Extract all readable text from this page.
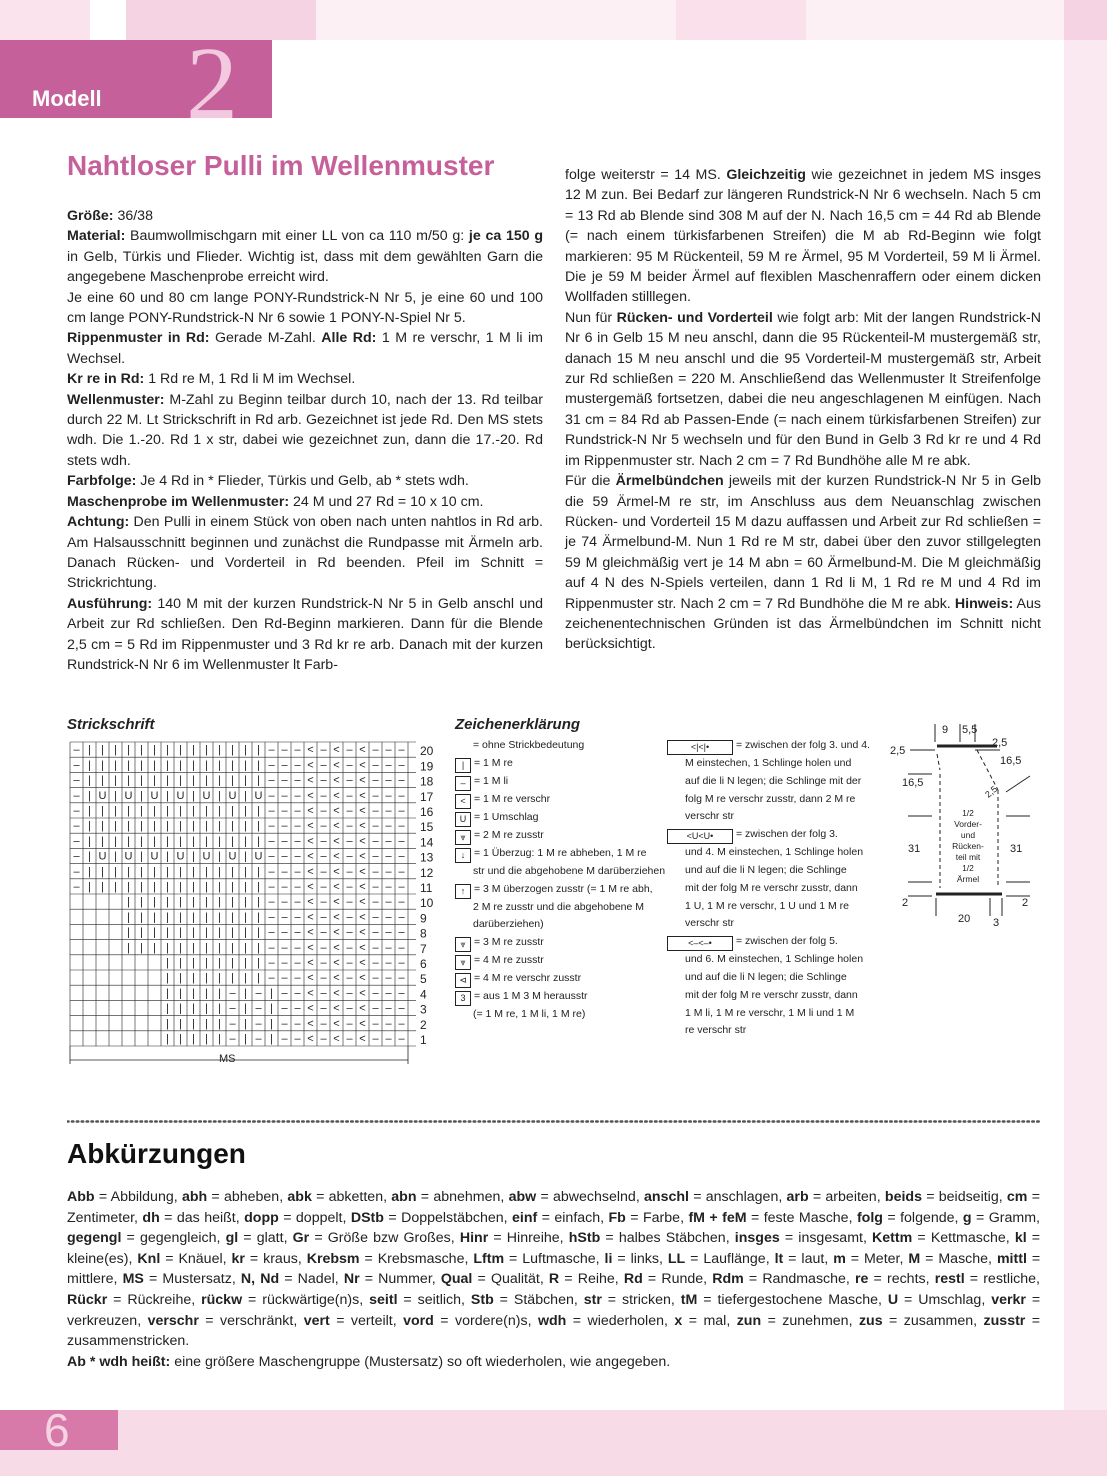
Modell 2
Nahtloser Pulli im Wellenmuster

Größe: 36/38

Material: Baumwollmischgarn mit einer LL von ca 110 m/50 g: je ca 150 g in Gelb, Türkis und Flieder. Wichtig ist, dass mit dem gewählten Garn die angegebene Maschenprobe erreicht wird.

Je eine 60 und 80 cm lange PONY-Rundstrick-N Nr 5, je eine 60 und 100 cm lange PONY-Rundstrick-N Nr 6 sowie 1 PONY-N-Spiel Nr 5.

Rippenmuster in Rd: Gerade M-Zahl. Alle Rd: 1 M re verschr, 1 M li im Wechsel.

Kr re in Rd: 1 Rd re M, 1 Rd li M im Wechsel.

Wellenmuster: M-Zahl zu Beginn teilbar durch 10, nach der 13. Rd teilbar durch 22 M. Lt Strickschrift in Rd arb. Gezeichnet ist jede Rd. Den MS stets wdh. Die 1.-20. Rd 1 x str, dabei wie gezeichnet zun, dann die 17.-20. Rd stets wdh.

Farbfolge: Je 4 Rd in * Flieder, Türkis und Gelb, ab * stets wdh.

Maschenprobe im Wellenmuster: 24 M und 27 Rd = 10 x 10 cm.

Achtung: Den Pulli in einem Stück von oben nach unten nahtlos in Rd arb. Am Halsausschnitt beginnen und zunächst die Rundpasse mit Ärmeln arb. Danach Rücken- und Vorderteil in Rd beenden. Pfeil im Schnitt = Strickrichtung.

Ausführung: 140 M mit der kurzen Rundstrick-N Nr 5 in Gelb anschl und Arbeit zur Rd schließen. Den Rd-Beginn markieren. Dann für die Blende 2,5 cm = 5 Rd im Rippenmuster und 3 Rd kr re arb. Danach mit der kurzen Rundstrick-N Nr 6 im Wellenmuster lt Farb-

folge weiterstr = 14 MS. Gleichzeitig wie gezeichnet in jedem MS insges 12 M zun. Bei Bedarf zur längeren Rundstrick-N Nr 6 wechseln. Nach 5 cm = 13 Rd ab Blende sind 308 M auf der N. Nach 16,5 cm = 44 Rd ab Blende (= nach einem türkisfarbenen Streifen) die M ab Rd-Beginn wie folgt markieren: 95 M Rückenteil, 59 M re Ärmel, 95 M Vorderteil, 59 M li Ärmel. Die je 59 M beider Ärmel auf flexiblen Maschenraffern oder einem dicken Wollfaden stilllegen.

Nun für Rücken- und Vorderteil wie folgt arb: Mit der langen Rundstrick-N Nr 6 in Gelb 15 M neu anschl, dann die 95 Rückenteil-M mustergemäß str, danach 15 M neu anschl und die 95 Vorderteil-M mustergemäß str, Arbeit zur Rd schließen = 220 M. Anschließend das Wellenmuster lt Streifenfolge mustergemäß fortsetzen, dabei die neu angeschlagenen M einfügen. Nach 31 cm = 84 Rd ab Passen-Ende (= nach einem türkisfarbenen Streifen) zur Rundstrick-N Nr 5 wechseln und für den Bund in Gelb 3 Rd kr re und 4 Rd im Rippenmuster str. Nach 2 cm = 7 Rd Bundhöhe alle M re abk.

Für die Ärmelbündchen jeweils mit der kurzen Rundstrick-N Nr 5 in Gelb die 59 Ärmel-M re str, im Anschluss aus dem Neuanschlag zwischen Rücken- und Vorderteil 15 M dazu auffassen und Arbeit zur Rd schließen = je 74 Ärmelbund-M. Nun 1 Rd re M str, dabei über den zuvor stillgelegten 59 M gleichmäßig vert je 14 M abn = 60 Ärmelbund-M. Die M gleichmäßig auf 4 N des N-Spiels verteilen, dann 1 Rd li M, 1 Rd re M und 4 Rd im Rippenmuster str. Nach 2 cm = 7 Rd Bundhöhe die M re abk. Hinweis: Aus zeichenentechnischen Gründen ist das Ärmelbündchen im Schnitt nicht berücksichtigt.

Strickschrift
– | | | | | | | | | | | | | | – – – < – < – < – – –
– | | | | | | | | | | | | | | – – – < – < – < – – –
– | | | | | | | | | | | | | | – – – < – < – < – – –
– | U | U | U | U | U | U | U – – – < – < – < – – –
– | | | | | | | | | | | | | | – – – < – < – < – – –
– | | | | | | | | | | | | | | – – – < – < – < – – –
– | | | | | | | | | | | | | | – – – < – < – < – – –
– | U | U | U | U | U | U | U – – – < – < – < – – –
– | | | | | | | | | | | | | | – – – < – < – < – – –
– | | | | | | | | | | | | | | – – – < – < – < – – –
| | | | | | | | | | | – – – < – < – < – – –
| | | | | | | | | | | – – – < – < – < – – –
| | | | | | | | | | | – – – < – < – < – – –
| | | | | | | | | | | – – – < – < – < – – –
| | | | | | | | – – – < – < – < – – –
| | | | | | | | – – – < – < – < – – –
| | | | | – | – | – – < – < – < – – –
| | | | | – | – | – – < – < – < – – –
| | | | | – | – | – – < – < – < – – –
| | | | | – | – | – – < – < – < – – –
20
19
18
17
16
15
14
13
12
11
10
9
8
7
6
5
4
3
2
1
MS
Zeichenerklärung
= ohne Strickbedeutung
| = 1 M re
– = 1 M li
< = 1 M re verschr
U = 1 Umschlag
⩔ = 2 M re zusstr
↓ = 1 Überzug: 1 M re abheben, 1 M re
str und die abgehobene M darüberziehen
↑ = 3 M überzogen zusstr (= 1 M re abh,
2 M re zusstr und die abgehobene M
darüberziehen)
⩔ = 3 M re zusstr
⩔ = 4 M re zusstr
⊲ = 4 M re verschr zusstr
3 = aus 1 M 3 M herausstr
(= 1 M re, 1 M li, 1 M re)
<|<|•	= zwischen der folg 3. und 4.
M einstechen, 1 Schlinge holen und
auf die li N legen; die Schlinge mit der
folg M re verschr zusstr, dann 2 M re
verschr str
<U<U• = zwischen der folg 3.
und 4. M einstechen, 1 Schlinge holen
und auf die li N legen; die Schlinge
mit der folg M re verschr zusstr, dann
1 U, 1 M re verschr, 1 U und 1 M re
verschr str
<–<–• = zwischen der folg 5.
und 6. M einstechen, 1 Schlinge holen
und auf die li N legen; die Schlinge
mit der folg M re verschr zusstr, dann
1 M li, 1 M re verschr, 1 M li und 1 M
re verschr str
9 5,5
2,5
2,5
16,5
16,5
2,5
31	31
2	2
20 3
1/2
Vorder-
und
Rücken-
teil mit
1/2
Ärmel
Abkürzungen
Abb = Abbildung, abh = abheben, abk = abketten, abn = abnehmen, abw = abwechselnd, anschl = anschlagen, arb = arbeiten, beids = beidseitig, cm = Zentimeter, dh = das heißt, dopp = doppelt, DStb = Doppelstäbchen, einf = einfach, Fb = Farbe, fM + feM = feste Masche, folg = folgende, g = Gramm, gegengl = gegengleich, gl = glatt, Gr = Größe bzw Großes, Hinr = Hinreihe, hStb = halbes Stäbchen, insges = insgesamt, Kettm = Kettmasche, kl = kleine(es), Knl = Knäuel, kr = kraus, Krebsm = Krebsmasche, Lftm = Luftmasche, li = links, LL = Lauflänge, lt = laut, m = Meter, M = Masche, mittl = mittlere, MS = Mustersatz, N, Nd = Nadel, Nr = Nummer, Qual = Qualität, R = Reihe, Rd = Runde, Rdm = Randmasche, re = rechts, restl = restliche, Rückr = Rückreihe, rückw = rückwärtige(n)s, seitl = seitlich, Stb = Stäbchen, str = stricken, tM = tiefergestochene Masche, U = Umschlag, verkr = verkreuzen, verschr = verschränkt, vert = verteilt, vord = vordere(n)s, wdh = wiederholen, x = mal, zun = zunehmen, zus = zusammen, zusstr = zusammenstricken.
Ab * wdh heißt: eine größere Maschengruppe (Mustersatz) so oft wiederholen, wie angegeben.
6
